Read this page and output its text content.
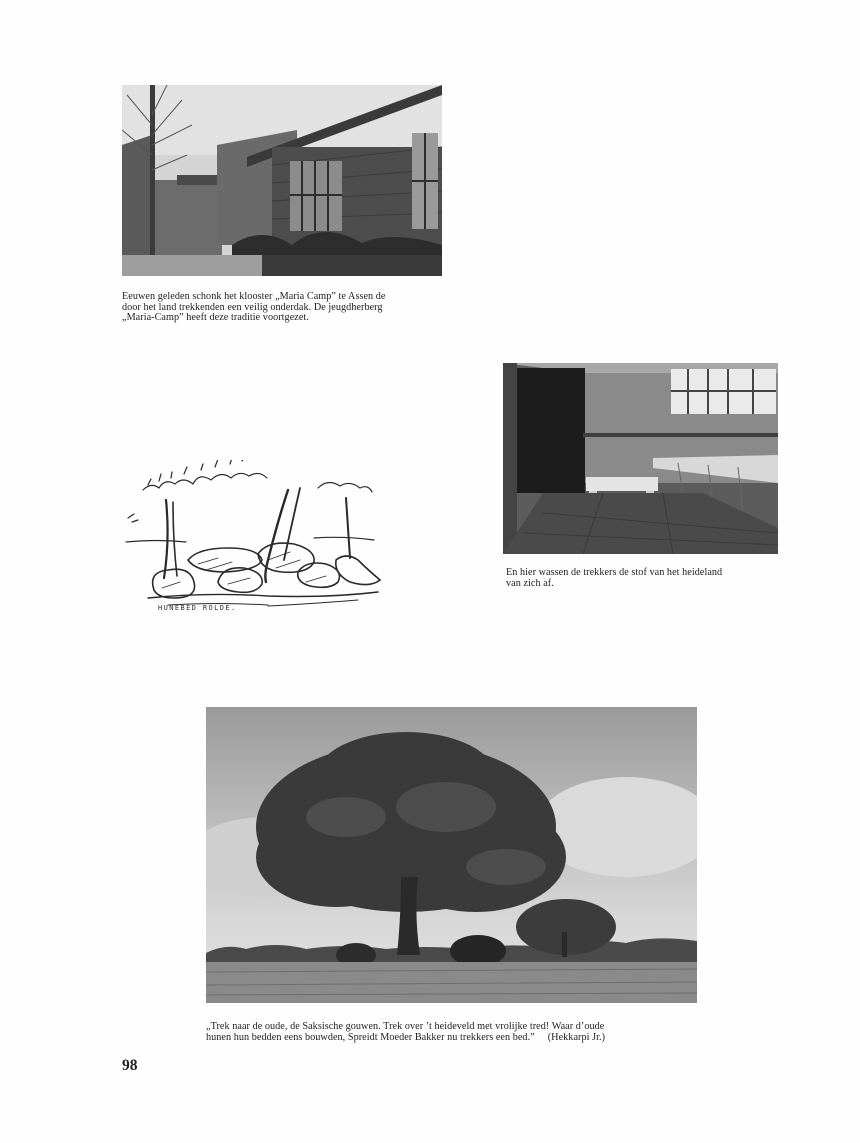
Eeuwen geleden schonk het klooster „Maria Camp” te Assen de
door het land trekkenden een veilig onderdak. De jeugdherberg
„Maria-Camp” heeft deze traditie voortgezet.
En hier wassen de trekkers de stof van het heideland
van zich af.
HUNEBED ROLDE.
„Trek naar de oude, de Saksische gouwen. Trek over ’t heideveld met vrolijke tred! Waar d’oude
hunen hun bedden eens bouwden, Spreidt Moeder Bakker nu trekkers een bed.”     (Hekkarpi Jr.)
98
